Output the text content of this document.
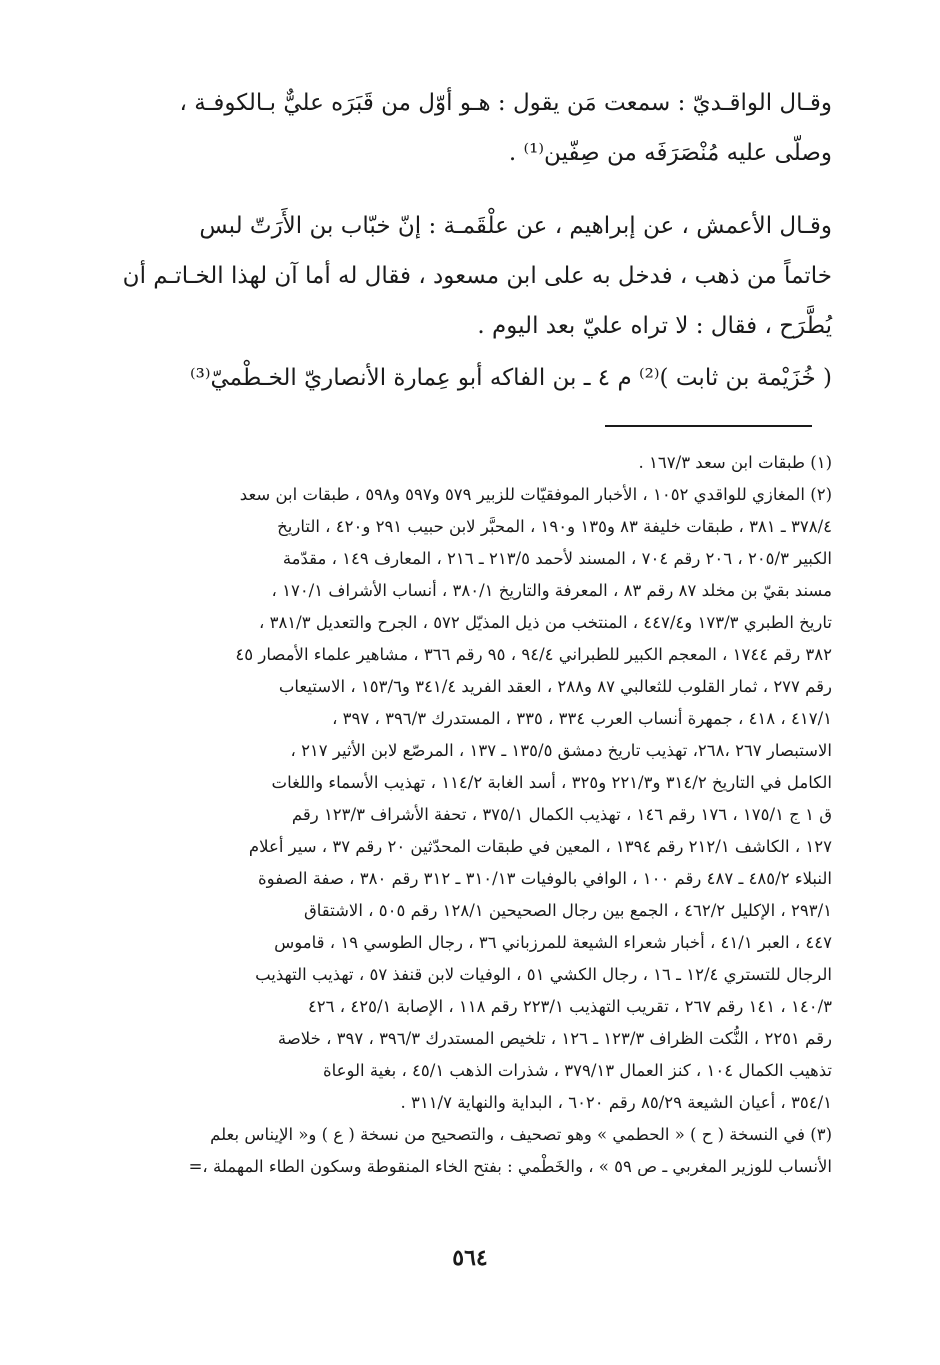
وقـال الواقـديّ : سمعت مَن يقول : هـو أوّل من قَبَرَه عليٌّ بـالكوفـة ،
وصلّى عليه مُنْصَرَفَه من صِفّين⁽¹⁾ .
وقـال الأعمش ، عن إبراهيم ، عن علْقَمـة : إنّ خبّاب بن الأَرَتّ لبس
خاتماً من ذهب ، فدخل به على ابن مسعود ، فقال له أما آن لهذا الخـاتـم أن
يُطَّرَح ، فقال : لا تراه عليّ بعد اليوم .
( خُزَيْمة بن ثابت )⁽²⁾ م ٤ ـ بن الفاكه أبو عِمارة الأنصاريّ الخـطْميّ⁽³⁾
(١) طبقات ابن سعد ١٦٧/٣ .
(٢) المغازي للواقدي ١٠٥٢ ، الأخبار الموفقيّات للزبير ٥٧٩ و٥٩٧ و٥٩٨ ، طبقات ابن سعد
٣٧٨/٤ ـ ٣٨١ ، طبقات خليفة ٨٣ و١٣٥ و١٩٠ ، المحبَّر لابن حبيب ٢٩١ و٤٢٠ ، التاريخ
الكبير ٢٠٥/٣ ، ٢٠٦ رقم ٧٠٤ ، المسند لأحمد ٢١٣/٥ ـ ٢١٦ ، المعارف ١٤٩ ، مقدّمة
مسند بقيّ بن مخلد ٨٧ رقم ٨٣ ، المعرفة والتاريخ ٣٨٠/١ ، أنساب الأشراف ١٧٠/١ ،
تاريخ الطبري ١٧٣/٣ و٤٤٧/٤ ، المنتخب من ذيل المذيّل ٥٧٢ ، الجرح والتعديل ٣٨١/٣ ،
٣٨٢ رقم ١٧٤٤ ، المعجم الكبير للطبراني ٩٤/٤ ، ٩٥ رقم ٣٦٦ ، مشاهير علماء الأمصار ٤٥
رقم ٢٧٧ ، ثمار القلوب للثعالبي ٨٧ و٢٨٨ ، العقد الفريد ٣٤١/٤ و١٥٣/٦ ، الاستيعاب
٤١٧/١ ، ٤١٨ ، جمهرة أنساب العرب ٣٣٤ ، ٣٣٥ ، المستدرك ٣٩٦/٣ ، ٣٩٧ ،
الاستبصار ٢٦٧ ،٢٦٨، تهذيب تاريخ دمشق ١٣٥/٥ ـ ١٣٧ ، المرصّع لابن الأثير ٢١٧ ،
الكامل في التاريخ ٣١٤/٢ و٢٢١/٣ و٣٢٥ ، أسد الغابة ١١٤/٢ ، تهذيب الأسماء واللغات
ق ١ ج ١٧٥/١ ، ١٧٦ رقم ١٤٦ ، تهذيب الكمال ٣٧٥/١ ، تحفة الأشراف ١٢٣/٣ رقم
١٢٧ ، الكاشف ٢١٢/١ رقم ١٣٩٤ ، المعين في طبقات المحدّثين ٢٠ رقم ٣٧ ، سير أعلام
النبلاء ٤٨٥/٢ ـ ٤٨٧ رقم ١٠٠ ، الوافي بالوفيات ٣١٠/١٣ ـ ٣١٢ رقم ٣٨٠ ، صفة الصفوة
٢٩٣/١ ، الإكليل ٤٦٢/٢ ، الجمع بين رجال الصحيحين ١٢٨/١ رقم ٥٠٥ ، الاشتقاق
٤٤٧ ، العبر ٤١/١ ، أخبار شعراء الشيعة للمرزباني ٣٦ ، رجال الطوسي ١٩ ، قاموس
الرجال للتستري ١٢/٤ ـ ١٦ ، رجال الكشي ٥١ ، الوفيات لابن قنفذ ٥٧ ، تهذيب التهذيب
١٤٠/٣ ، ١٤١ رقم ٢٦٧ ، تقريب التهذيب ٢٢٣/١ رقم ١١٨ ، الإصابة ٤٢٥/١ ، ٤٢٦
رقم ٢٢٥١ ، النُّكت الظراف ١٢٣/٣ ـ ١٢٦ ، تلخيص المستدرك ٣٩٦/٣ ، ٣٩٧ ، خلاصة
تذهيب الكمال ١٠٤ ، كنز العمال ٣٧٩/١٣ ، شذرات الذهب ٤٥/١ ، بغية الوعاة
٣٥٤/١ ، أعيان الشيعة ٨٥/٢٩ رقم ٦٠٢٠ ، البداية والنهاية ٣١١/٧ .
(٣) في النسخة ( ح ) « الحطمي » وهو تصحيف ، والتصحيح من نسخة ( ع ) و« الإيناس بعلم
الأنساب للوزير المغربي ـ ص ٥٩ » ، والخَطْمي : بفتح الخاء المنقوطة وسكون الطاء المهملة ،=
٥٦٤
